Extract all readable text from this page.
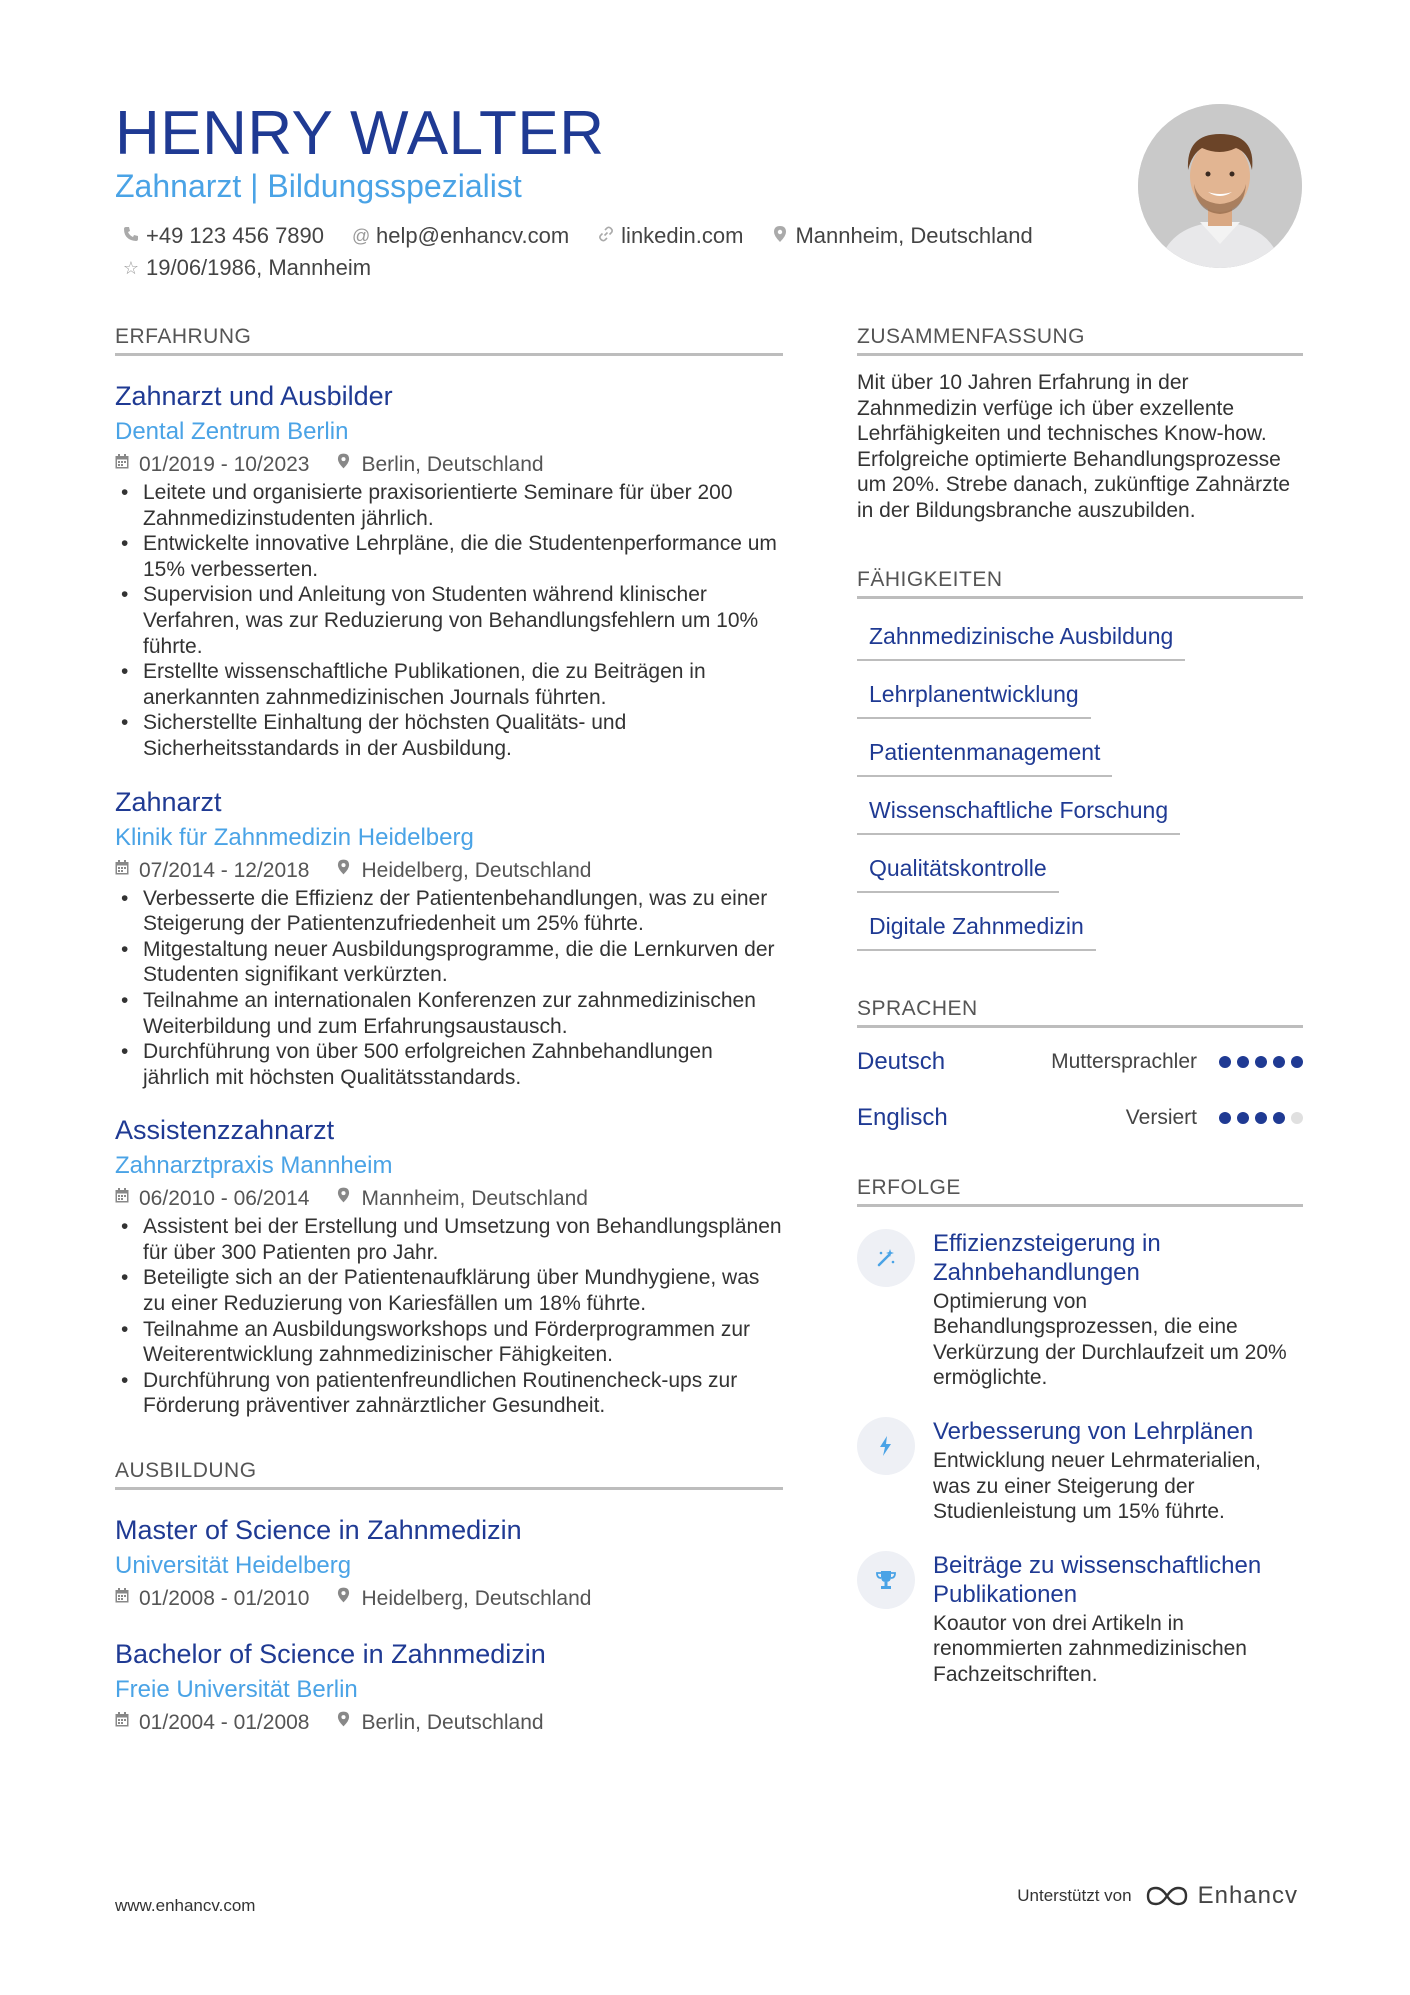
HENRY WALTER
Zahnarzt | Bildungsspezialist
+49 123 456 7890 @ help@enhancv.com linkedin.com Mannheim, Deutschland
☆ 19/06/1986, Mannheim
ERFAHRUNG
Zahnarzt und Ausbilder
Dental Zentrum Berlin
01/2019 - 10/2023 Berlin, Deutschland
• Leitete und organisierte praxisorientierte Seminare für über 200 Zahnmedizinstudenten jährlich.
• Entwickelte innovative Lehrpläne, die die Studentenperformance um 15% verbesserten.
• Supervision und Anleitung von Studenten während klinischer Verfahren, was zur Reduzierung von Behandlungsfehlern um 10% führte.
• Erstellte wissenschaftliche Publikationen, die zu Beiträgen in anerkannten zahnmedizinischen Journals führten.
• Sicherstellte Einhaltung der höchsten Qualitäts- und Sicherheitsstandards in der Ausbildung.
Zahnarzt
Klinik für Zahnmedizin Heidelberg
07/2014 - 12/2018 Heidelberg, Deutschland
• Verbesserte die Effizienz der Patientenbehandlungen, was zu einer Steigerung der Patientenzufriedenheit um 25% führte.
• Mitgestaltung neuer Ausbildungsprogramme, die die Lernkurven der Studenten signifikant verkürzten.
• Teilnahme an internationalen Konferenzen zur zahnmedizinischen Weiterbildung und zum Erfahrungsaustausch.
• Durchführung von über 500 erfolgreichen Zahnbehandlungen jährlich mit höchsten Qualitätsstandards.
Assistenzzahnarzt
Zahnarztpraxis Mannheim
06/2010 - 06/2014 Mannheim, Deutschland
• Assistent bei der Erstellung und Umsetzung von Behandlungsplänen für über 300 Patienten pro Jahr.
• Beteiligte sich an der Patientenaufklärung über Mundhygiene, was zu einer Reduzierung von Kariesfällen um 18% führte.
• Teilnahme an Ausbildungsworkshops und Förderprogrammen zur Weiterentwicklung zahnmedizinischer Fähigkeiten.
• Durchführung von patientenfreundlichen Routinencheck-ups zur Förderung präventiver zahnärztlicher Gesundheit.
AUSBILDUNG
Master of Science in Zahnmedizin
Universität Heidelberg
01/2008 - 01/2010 Heidelberg, Deutschland
Bachelor of Science in Zahnmedizin
Freie Universität Berlin
01/2004 - 01/2008 Berlin, Deutschland
ZUSAMMENFASSUNG

Mit über 10 Jahren Erfahrung in der Zahnmedizin verfüge ich über exzellente Lehrfähigkeiten und technisches Know-how. Erfolgreiche optimierte Behandlungsprozesse um 20%. Strebe danach, zukünftige Zahnärzte in der Bildungsbranche auszubilden.

FÄHIGKEITEN
Zahnmedizinische Ausbildung
Lehrplanentwicklung
Patientenmanagement
Wissenschaftliche Forschung
Qualitätskontrolle
Digitale Zahnmedizin
SPRACHEN
Deutsch	Muttersprachler
Englisch	Versiert
ERFOLGE
Effizienzsteigerung in Zahnbehandlungen
Optimierung von Behandlungsprozessen, die eine Verkürzung der Durchlaufzeit um 20% ermöglichte.
Verbesserung von Lehrplänen
Entwicklung neuer Lehrmaterialien, was zu einer Steigerung der Studienleistung um 15% führte.
Beiträge zu wissenschaftlichen Publikationen
Koautor von drei Artikeln in renommierten zahnmedizinischen Fachzeitschriften.
www.enhancv.com
Unterstützt von	Enhancv
